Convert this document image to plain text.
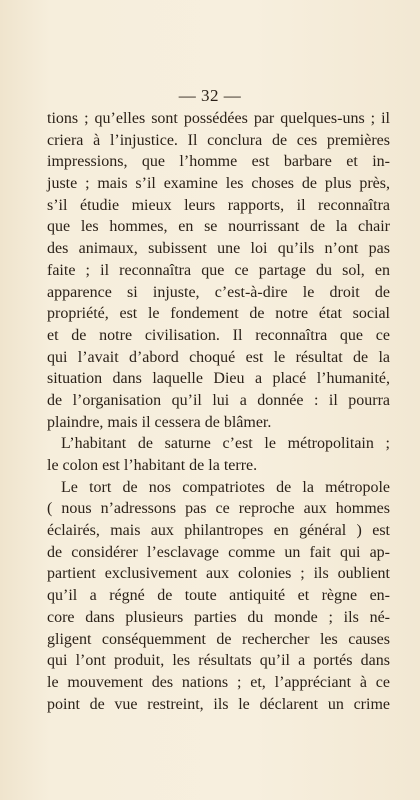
— 32 —
tions ; qu’elles sont possédées par quelques-uns ; il
criera à l’injustice. Il conclura de ces premières
impressions, que l’homme est barbare et in-
juste ; mais s’il examine les choses de plus près,
s’il étudie mieux leurs rapports, il reconnaîtra
que les hommes, en se nourrissant de la chair
des animaux, subissent une loi qu’ils n’ont pas
faite ; il reconnaîtra que ce partage du sol, en
apparence si injuste, c’est-à-dire le droit de
propriété, est le fondement de notre état social
et de notre civilisation. Il reconnaîtra que ce
qui l’avait d’abord choqué est le résultat de la
situation dans laquelle Dieu a placé l’humanité,
de l’organisation qu’il lui a donnée : il pourra
plaindre, mais il cessera de blâmer.
L’habitant de saturne c’est le métropolitain ;
le colon est l’habitant de la terre.
Le tort de nos compatriotes de la métropole
( nous n’adressons pas ce reproche aux hommes
éclairés, mais aux philantropes en général ) est
de considérer l’esclavage comme un fait qui ap-
partient exclusivement aux colonies ; ils oublient
qu’il a régné de toute antiquité et règne en-
core dans plusieurs parties du monde ; ils né-
gligent conséquemment de rechercher les causes
qui l’ont produit, les résultats qu’il a portés dans
le mouvement des nations ; et, l’appréciant à ce
point de vue restreint, ils le déclarent un crime
